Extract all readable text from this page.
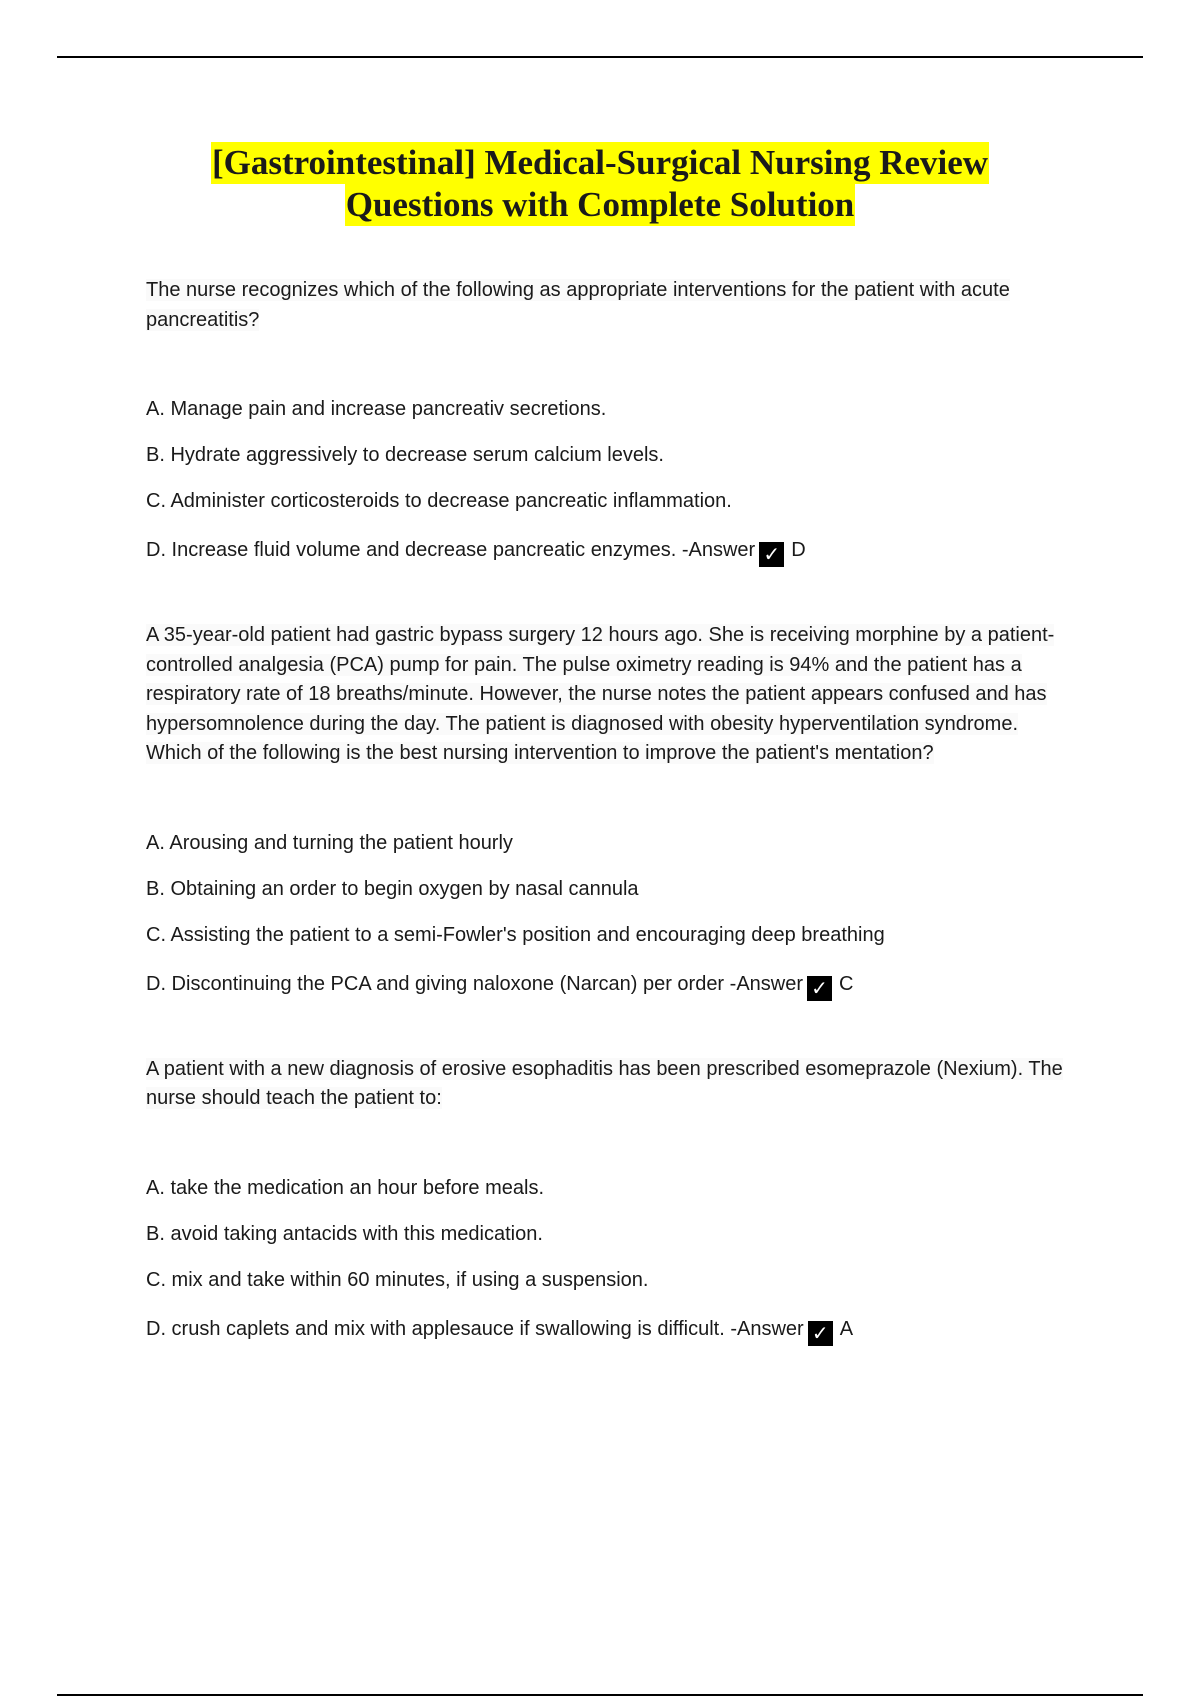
[Gastrointestinal] Medical-Surgical Nursing Review
Questions with Complete Solution

The nurse recognizes which of the following as appropriate interventions for the patient with acute pancreatitis?

A. Manage pain and increase pancreativ secretions.

B. Hydrate aggressively to decrease serum calcium levels.

C. Administer corticosteroids to decrease pancreatic inflammation.

D. Increase fluid volume and decrease pancreatic enzymes. -Answer ✓ D

A 35-year-old patient had gastric bypass surgery 12 hours ago. She is receiving morphine by a patient-controlled analgesia (PCA) pump for pain. The pulse oximetry reading is 94% and the patient has a respiratory rate of 18 breaths/minute. However, the nurse notes the patient appears confused and has hypersomnolence during the day. The patient is diagnosed with obesity hyperventilation syndrome. Which of the following is the best nursing intervention to improve the patient's mentation?

A. Arousing and turning the patient hourly

B. Obtaining an order to begin oxygen by nasal cannula

C. Assisting the patient to a semi-Fowler's position and encouraging deep breathing

D. Discontinuing the PCA and giving naloxone (Narcan) per order -Answer ✓ C

A patient with a new diagnosis of erosive esophaditis has been prescribed esomeprazole (Nexium). The nurse should teach the patient to:

A. take the medication an hour before meals.

B. avoid taking antacids with this medication.

C. mix and take within 60 minutes, if using a suspension.

D. crush caplets and mix with applesauce if swallowing is difficult. -Answer ✓ A
